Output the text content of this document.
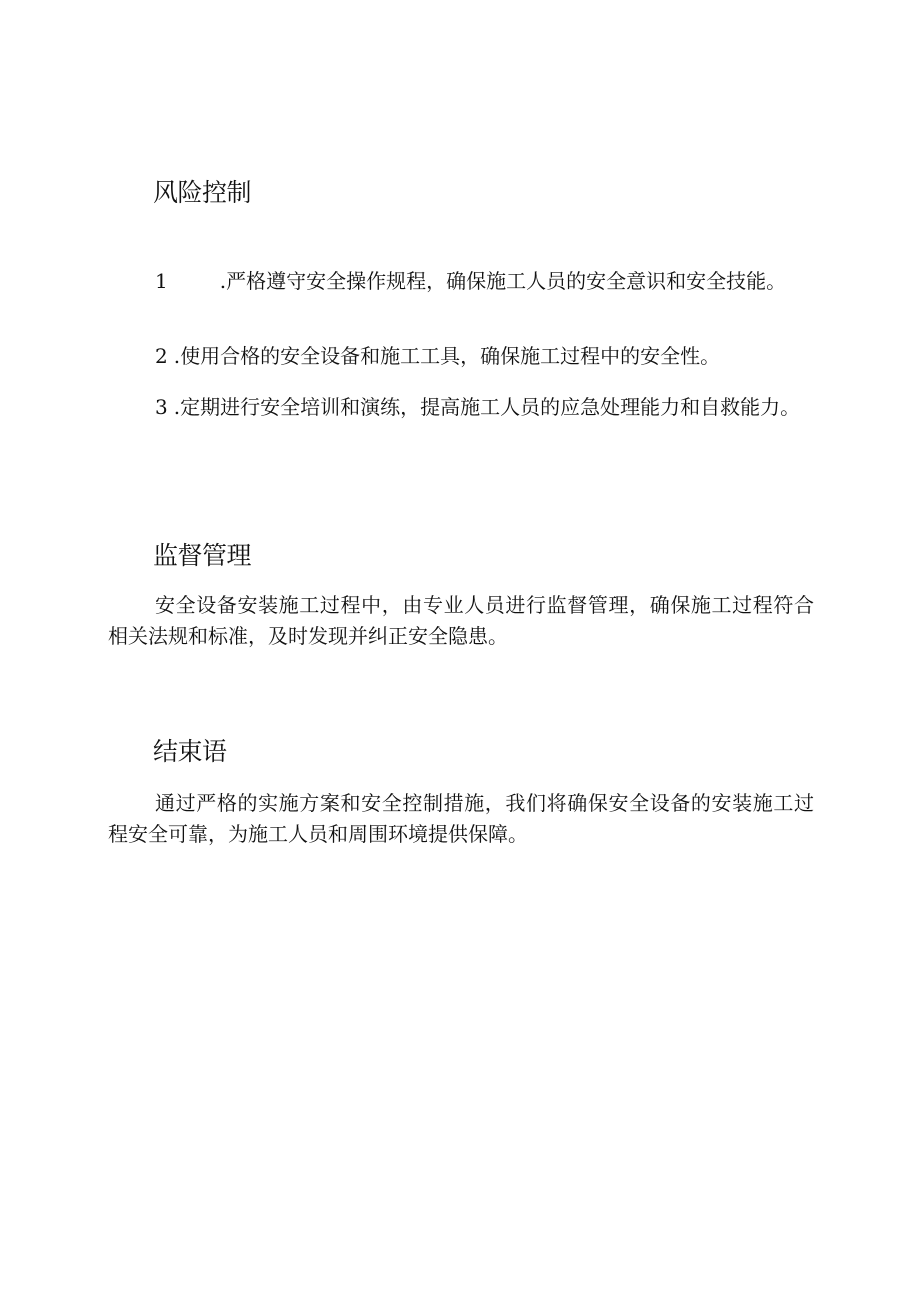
风险控制

1	.严格遵守安全操作规程，确保施工人员的安全意识和安全技能。

2 .使用合格的安全设备和施工工具，确保施工过程中的安全性。

3 .定期进行安全培训和演练，提高施工人员的应急处理能力和自救能力。

监督管理

安全设备安装施工过程中，由专业人员进行监督管理，确保施工过程符合相关法规和标准，及时发现并纠正安全隐患。

结束语

通过严格的实施方案和安全控制措施，我们将确保安全设备的安装施工过程安全可靠，为施工人员和周围环境提供保障。
